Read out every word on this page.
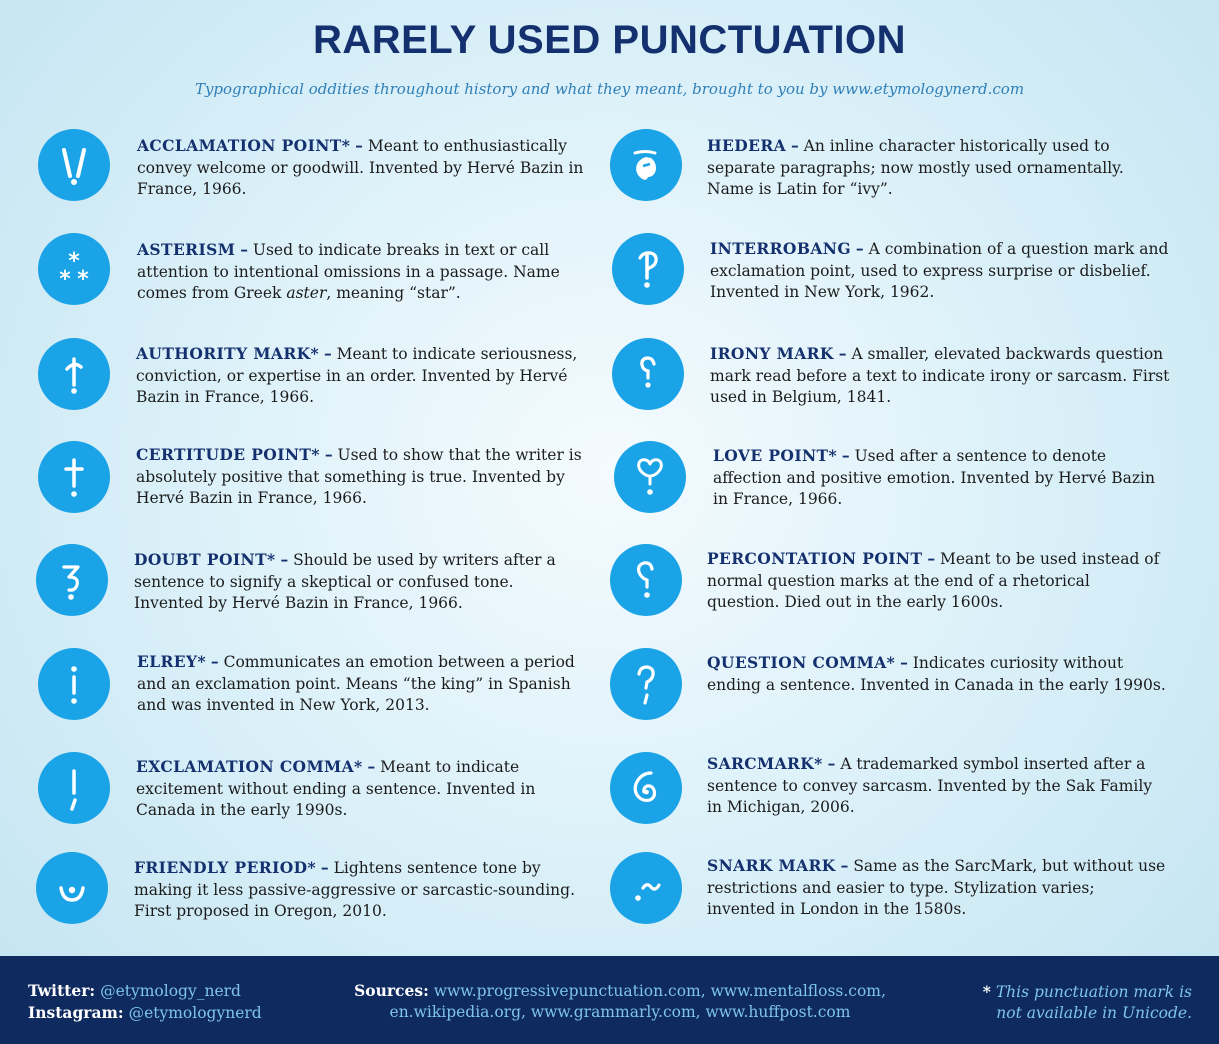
RARELY USED PUNCTUATION
Typographical oddities throughout history and what they meant, brought to you by www.etymologynerd.com
ACCLAMATION POINT* – Meant to enthusiastically convey welcome or goodwill. Invented by Hervé Bazin in France, 1966.
*
* *
ASTERISM – Used to indicate breaks in text or call attention to intentional omissions in a passage. Name comes from Greek aster, meaning “star”.
AUTHORITY MARK* – Meant to indicate seriousness, conviction, or expertise in an order. Invented by Hervé Bazin in France, 1966.
CERTITUDE POINT* – Used to show that the writer is absolutely positive that something is true. Invented by Hervé Bazin in France, 1966.
DOUBT POINT* – Should be used by writers after a sentence to signify a skeptical or confused tone. Invented by Hervé Bazin in France, 1966.
ELREY* – Communicates an emotion between a period and an exclamation point. Means “the king” in Spanish and was invented in New York, 2013.
EXCLAMATION COMMA* – Meant to indicate excitement without ending a sentence. Invented in Canada in the early 1990s.
FRIENDLY PERIOD* – Lightens sentence tone by making it less passive-aggressive or sarcastic-sounding. First proposed in Oregon, 2010.
HEDERA – An inline character historically used to separate paragraphs; now mostly used ornamentally. Name is Latin for “ivy”.
INTERROBANG – A combination of a question mark and exclamation point, used to express surprise or disbelief. Invented in New York, 1962.
IRONY MARK – A smaller, elevated backwards question mark read before a text to indicate irony or sarcasm. First used in Belgium, 1841.
LOVE POINT* – Used after a sentence to denote affection and positive emotion. Invented by Hervé Bazin in France, 1966.
PERCONTATION POINT – Meant to be used instead of normal question marks at the end of a rhetorical question. Died out in the early 1600s.
QUESTION COMMA* – Indicates curiosity without ending a sentence. Invented in Canada in the early 1990s.
SARCMARK* – A trademarked symbol inserted after a sentence to convey sarcasm. Invented by the Sak Family in Michigan, 2006.
SNARK MARK – Same as the SarcMark, but without use restrictions and easier to type. Stylization varies; invented in London in the 1580s.
Twitter: @etymology_nerd
Instagram: @etymologynerd
Sources: www.progressivepunctuation.com, www.mentalfloss.com,
en.wikipedia.org, www.grammarly.com, www.huffpost.com
* This punctuation mark is
not available in Unicode.
